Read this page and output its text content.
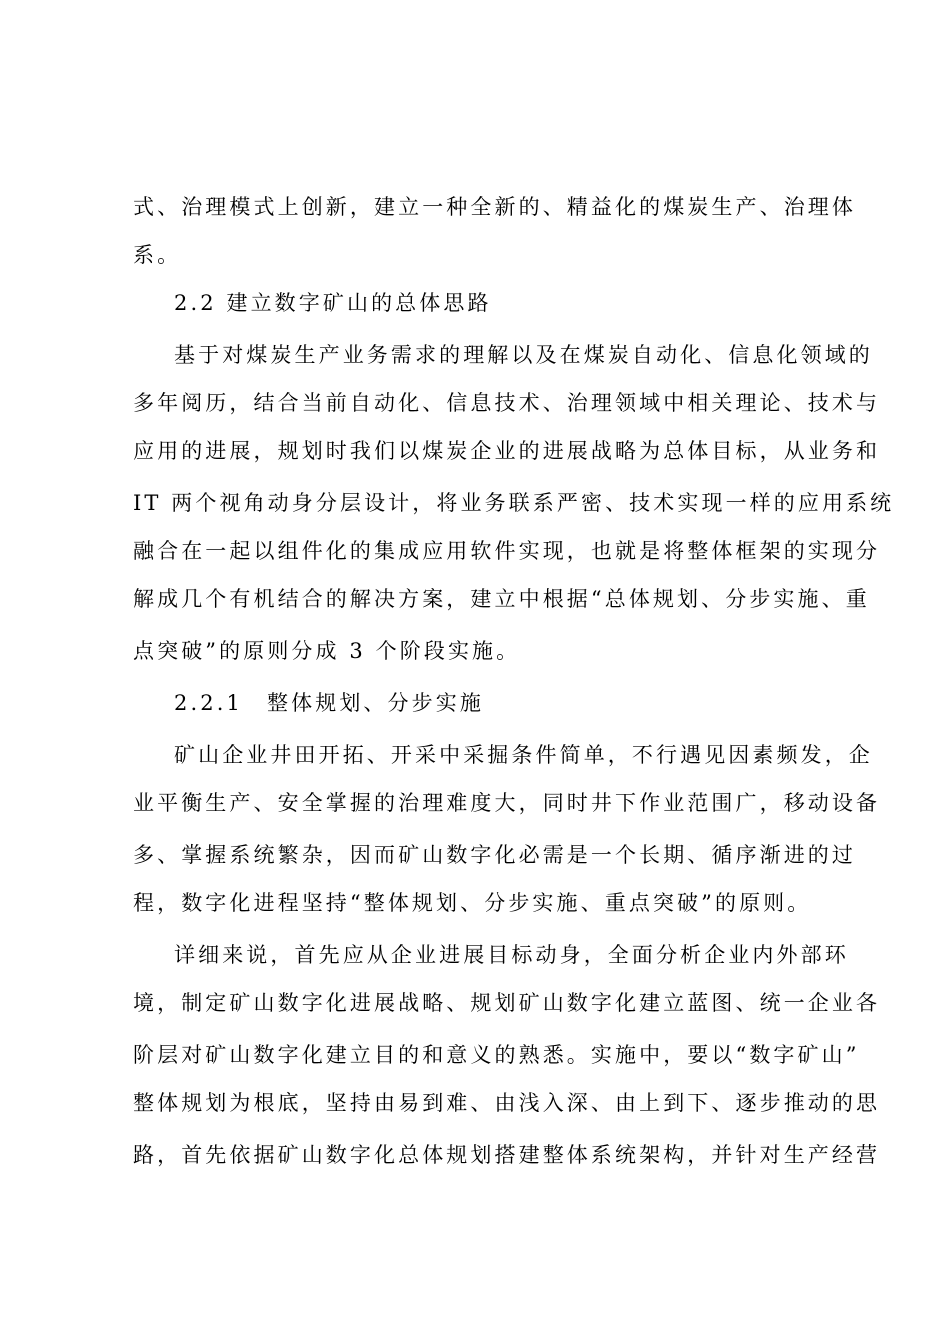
式、治理模式上创新，建立一种全新的、精益化的煤炭生产、治理体
系。
2.2 建立数字矿山的总体思路
基于对煤炭生产业务需求的理解以及在煤炭自动化、信息化领域的
多年阅历，结合当前自动化、信息技术、治理领域中相关理论、技术与
应用的进展，规划时我们以煤炭企业的进展战略为总体目标，从业务和
IT 两个视角动身分层设计，将业务联系严密、技术实现一样的应用系统
融合在一起以组件化的集成应用软件实现，也就是将整体框架的实现分
解成几个有机结合的解决方案，建立中根据“总体规划、分步实施、重
点突破”的原则分成 3 个阶段实施。
2.2.1　整体规划、分步实施
矿山企业井田开拓、开采中采掘条件简单，不行遇见因素频发，企
业平衡生产、安全掌握的治理难度大，同时井下作业范围广，移动设备
多、掌握系统繁杂，因而矿山数字化必需是一个长期、循序渐进的过
程，数字化进程坚持“整体规划、分步实施、重点突破”的原则。
详细来说，首先应从企业进展目标动身，全面分析企业内外部环
境，制定矿山数字化进展战略、规划矿山数字化建立蓝图、统一企业各
阶层对矿山数字化建立目的和意义的熟悉。实施中，要以“数字矿山”
整体规划为根底，坚持由易到难、由浅入深、由上到下、逐步推动的思
路，首先依据矿山数字化总体规划搭建整体系统架构，并针对生产经营
